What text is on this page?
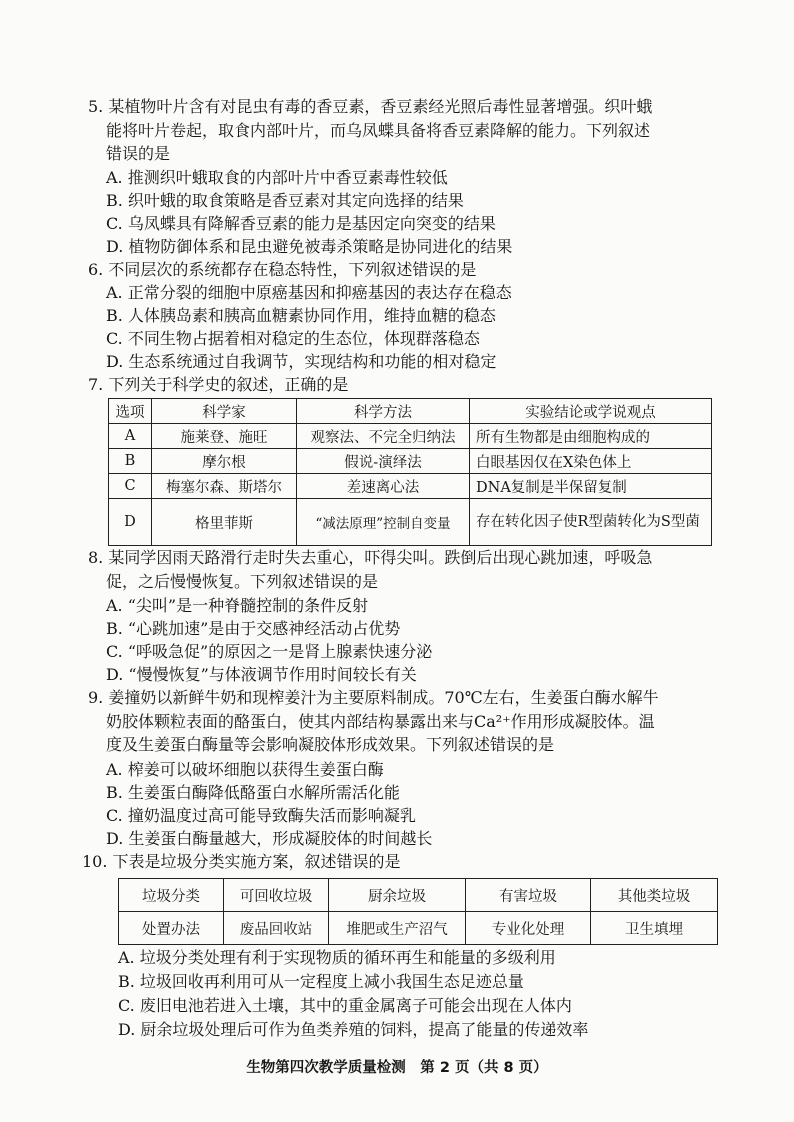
5. 某植物叶片含有对昆虫有毒的香豆素，香豆素经光照后毒性显著增强。织叶蛾
能将叶片卷起，取食内部叶片，而乌凤蝶具备将香豆素降解的能力。下列叙述
错误的是
A. 推测织叶蛾取食的内部叶片中香豆素毒性较低
B. 织叶蛾的取食策略是香豆素对其定向选择的结果
C. 乌凤蝶具有降解香豆素的能力是基因定向突变的结果
D. 植物防御体系和昆虫避免被毒杀策略是协同进化的结果
6. 不同层次的系统都存在稳态特性，下列叙述错误的是
A. 正常分裂的细胞中原癌基因和抑癌基因的表达存在稳态
B. 人体胰岛素和胰高血糖素协同作用，维持血糖的稳态
C. 不同生物占据着相对稳定的生态位，体现群落稳态
D. 生态系统通过自我调节，实现结构和功能的相对稳定
7. 下列关于科学史的叙述，正确的是
选项	科学家	科学方法	实验结论或学说观点
A	施莱登、施旺	观察法、不完全归纳法	所有生物都是由细胞构成的
B	摩尔根	假说-演绎法	白眼基因仅在X染色体上
C	梅塞尔森、斯塔尔	差速离心法	DNA复制是半保留复制
D	格里菲斯	“减法原理”控制自变量	存在转化因子使R型菌转化为S型菌
8. 某同学因雨天路滑行走时失去重心，吓得尖叫。跌倒后出现心跳加速，呼吸急
促，之后慢慢恢复。下列叙述错误的是
A. “尖叫”是一种脊髓控制的条件反射
B. “心跳加速”是由于交感神经活动占优势
C. “呼吸急促”的原因之一是肾上腺素快速分泌
D. “慢慢恢复”与体液调节作用时间较长有关
9. 姜撞奶以新鲜牛奶和现榨姜汁为主要原料制成。70℃左右，生姜蛋白酶水解牛
奶胶体颗粒表面的酪蛋白，使其内部结构暴露出来与Ca²⁺作用形成凝胶体。温
度及生姜蛋白酶量等会影响凝胶体形成效果。下列叙述错误的是
A. 榨姜可以破坏细胞以获得生姜蛋白酶
B. 生姜蛋白酶降低酪蛋白水解所需活化能
C. 撞奶温度过高可能导致酶失活而影响凝乳
D. 生姜蛋白酶量越大，形成凝胶体的时间越长
10. 下表是垃圾分类实施方案，叙述错误的是
垃圾分类	可回收垃圾	厨余垃圾	有害垃圾	其他类垃圾
处置办法	废品回收站	堆肥或生产沼气	专业化处理	卫生填埋
A. 垃圾分类处理有利于实现物质的循环再生和能量的多级利用
B. 垃圾回收再利用可从一定程度上减小我国生态足迹总量
C. 废旧电池若进入土壤，其中的重金属离子可能会出现在人体内
D. 厨余垃圾处理后可作为鱼类养殖的饲料，提高了能量的传递效率
生物第四次教学质量检测　第 2 页（共 8 页）
